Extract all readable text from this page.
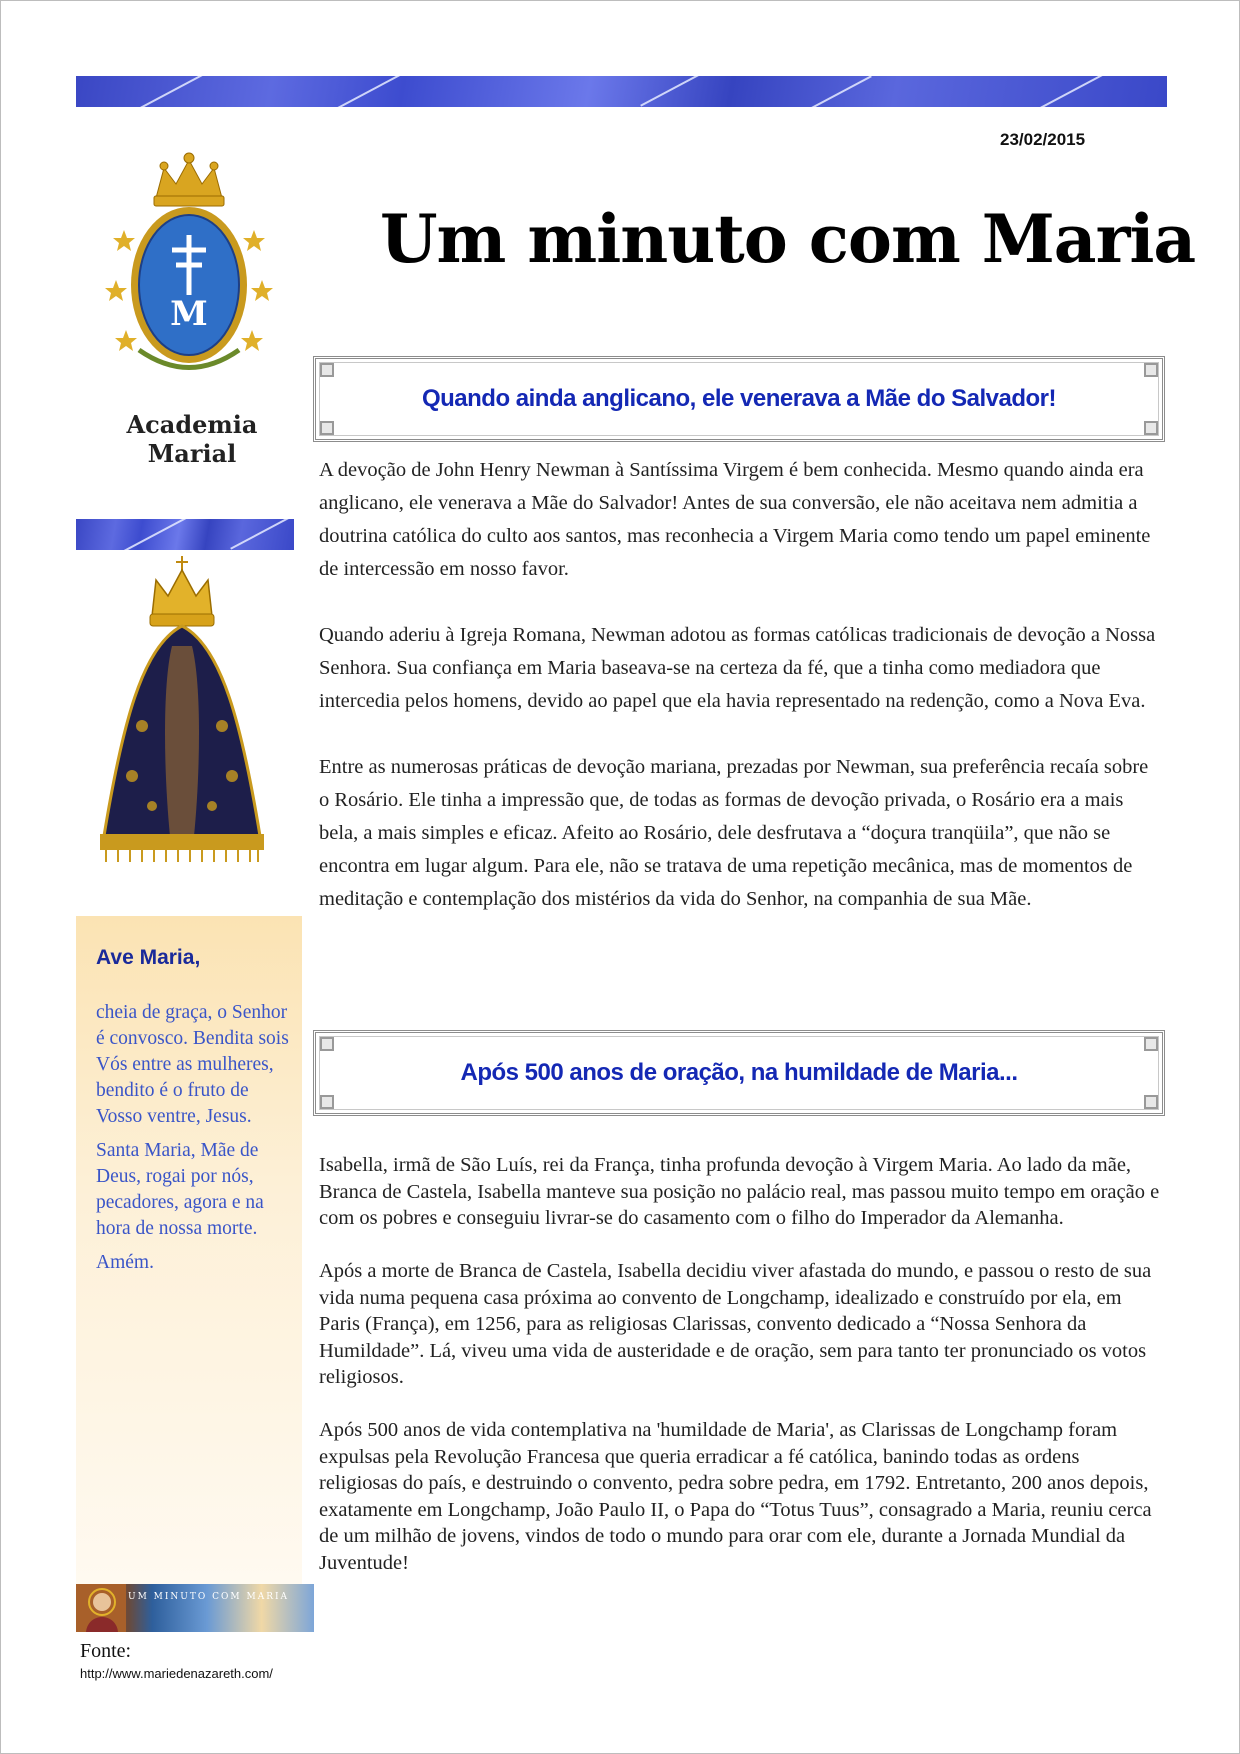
23/02/2015
Um minuto com Maria
M
Academia Marial
Ave Maria,

cheia de graça, o Senhor é convosco. Bendita sois Vós entre as mulheres, bendito é o fruto de Vosso ventre, Jesus.

Santa Maria, Mãe de Deus, rogai por nós, pecadores, agora e na hora de nossa morte.

Amém.

UM MINUTO COM MARIA
Fonte:
http://www.mariedenazareth.com/
Quando ainda anglicano, ele venerava a Mãe do Salvador!

A devoção de John Henry Newman à Santíssima Virgem é bem conhecida. Mesmo quando ainda era anglicano, ele venerava a Mãe do Salvador! Antes de sua conversão, ele não aceitava nem admitia a doutrina católica do culto aos santos, mas reconhecia a Virgem Maria como tendo um papel eminente de intercessão em nosso favor.

Quando aderiu à Igreja Romana, Newman adotou as formas católicas tradicionais de devoção a Nossa Senhora. Sua confiança em Maria baseava-se na certeza da fé, que a tinha como mediadora que intercedia pelos homens, devido ao papel que ela havia representado na redenção, como a Nova Eva.

Entre as numerosas práticas de devoção mariana, prezadas por Newman, sua preferência recaía sobre o Rosário. Ele tinha a impressão que, de todas as formas de devoção privada, o Rosário era a mais bela, a mais simples e eficaz. Afeito ao Rosário, dele desfrutava a “doçura tranqüila”, que não se encontra em lugar algum. Para ele, não se tratava de uma repetição mecânica, mas de momentos de meditação e contemplação dos mistérios da vida do Senhor, na companhia de sua Mãe.

Após 500 anos de oração, na humildade de Maria...

Isabella, irmã de São Luís, rei da França, tinha profunda devoção à Virgem Maria. Ao lado da mãe, Branca de Castela, Isabella manteve sua posição no palácio real, mas passou muito tempo em oração e com os pobres e conseguiu livrar-se do casamento com o filho do Imperador da Alemanha.

Após a morte de Branca de Castela, Isabella decidiu viver afastada do mundo, e passou o resto de sua vida numa pequena casa próxima ao convento de Longchamp, idealizado e construído por ela, em Paris (França), em 1256, para as religiosas Clarissas, convento dedicado a “Nossa Senhora da Humildade”. Lá, viveu uma vida de austeridade e de oração, sem para tanto ter pronunciado os votos religiosos.

Após 500 anos de vida contemplativa na 'humildade de Maria', as Clarissas de Longchamp foram expulsas pela Revolução Francesa que queria erradicar a fé católica, banindo todas as ordens religiosas do país, e destruindo o convento, pedra sobre pedra, em 1792. Entretanto, 200 anos depois, exatamente em Longchamp, João Paulo II, o Papa do “Totus Tuus”, consagrado a Maria, reuniu cerca de um milhão de jovens, vindos de todo o mundo para orar com ele, durante a Jornada Mundial da Juventude!
